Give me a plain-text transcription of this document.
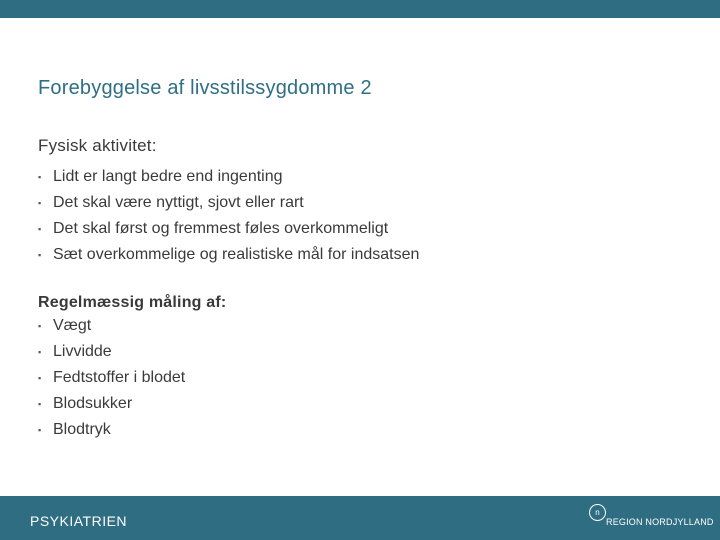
Forebyggelse af livsstilssygdomme 2

Fysisk aktivitet:

▪ Lidt er langt bedre end ingenting
▪ Det skal være nyttigt, sjovt eller rart
▪ Det skal først og fremmest føles overkommeligt
▪ Sæt overkommelige og realistiske mål for indsatsen

Regelmæssig måling af:

▪ Vægt
▪ Livvidde
▪ Fedtstoffer i blodet
▪ Blodsukker
▪ Blodtryk
PSYKIATRIEN
n
REGION NORDJYLLAND
